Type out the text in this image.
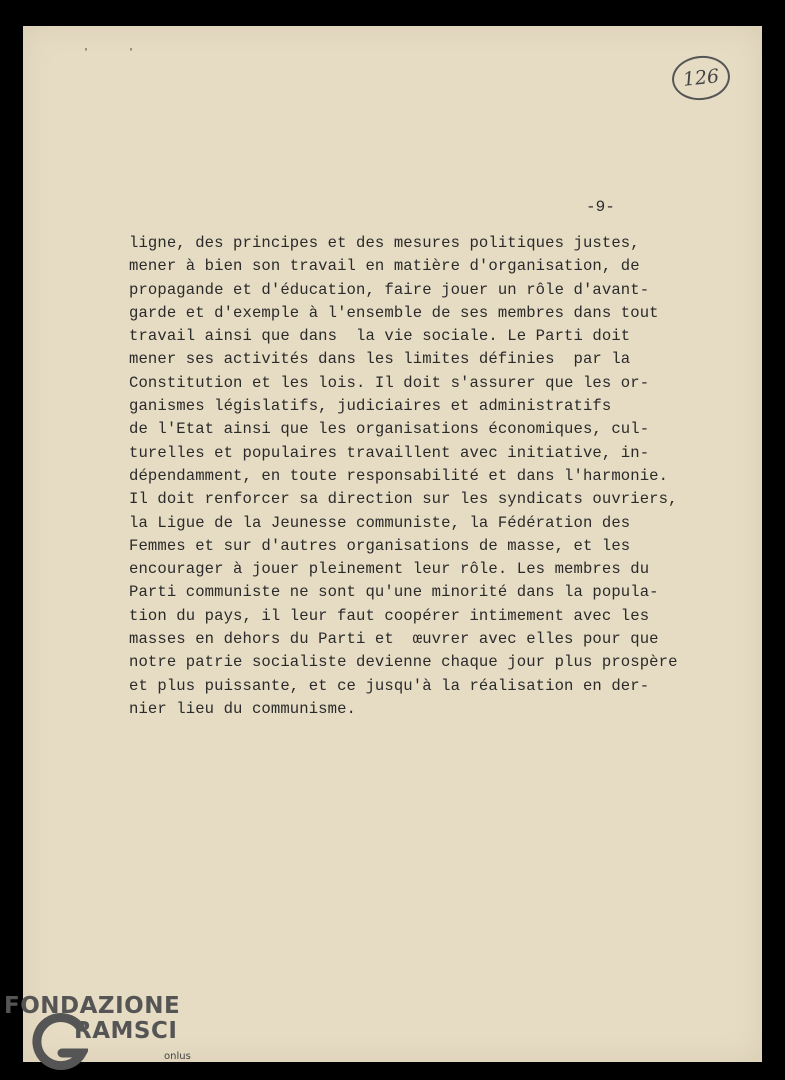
'	'
126
-9-
ligne, des principes et des mesures politiques justes,
mener à bien son travail en matière d'organisation, de
propagande et d'éducation, faire jouer un rôle d'avant-
garde et d'exemple à l'ensemble de ses membres dans tout
travail ainsi que dans  la vie sociale. Le Parti doit
mener ses activités dans les limites définies  par la
Constitution et les lois. Il doit s'assurer que les or-
ganismes législatifs, judiciaires et administratifs
de l'Etat ainsi que les organisations économiques, cul-
turelles et populaires travaillent avec initiative, in-
dépendamment, en toute responsabilité et dans l'harmonie.
Il doit renforcer sa direction sur les syndicats ouvriers,
la Ligue de la Jeunesse communiste, la Fédération des
Femmes et sur d'autres organisations de masse, et les
encourager à jouer pleinement leur rôle. Les membres du
Parti communiste ne sont qu'une minorité dans la popula-
tion du pays, il leur faut coopérer intimement avec les
masses en dehors du Parti et  œuvrer avec elles pour que
notre patrie socialiste devienne chaque jour plus prospère
et plus puissante, et ce jusqu'à la réalisation en der-
nier lieu du communisme.
FONDAZIONE
RAMSCI
onlus
